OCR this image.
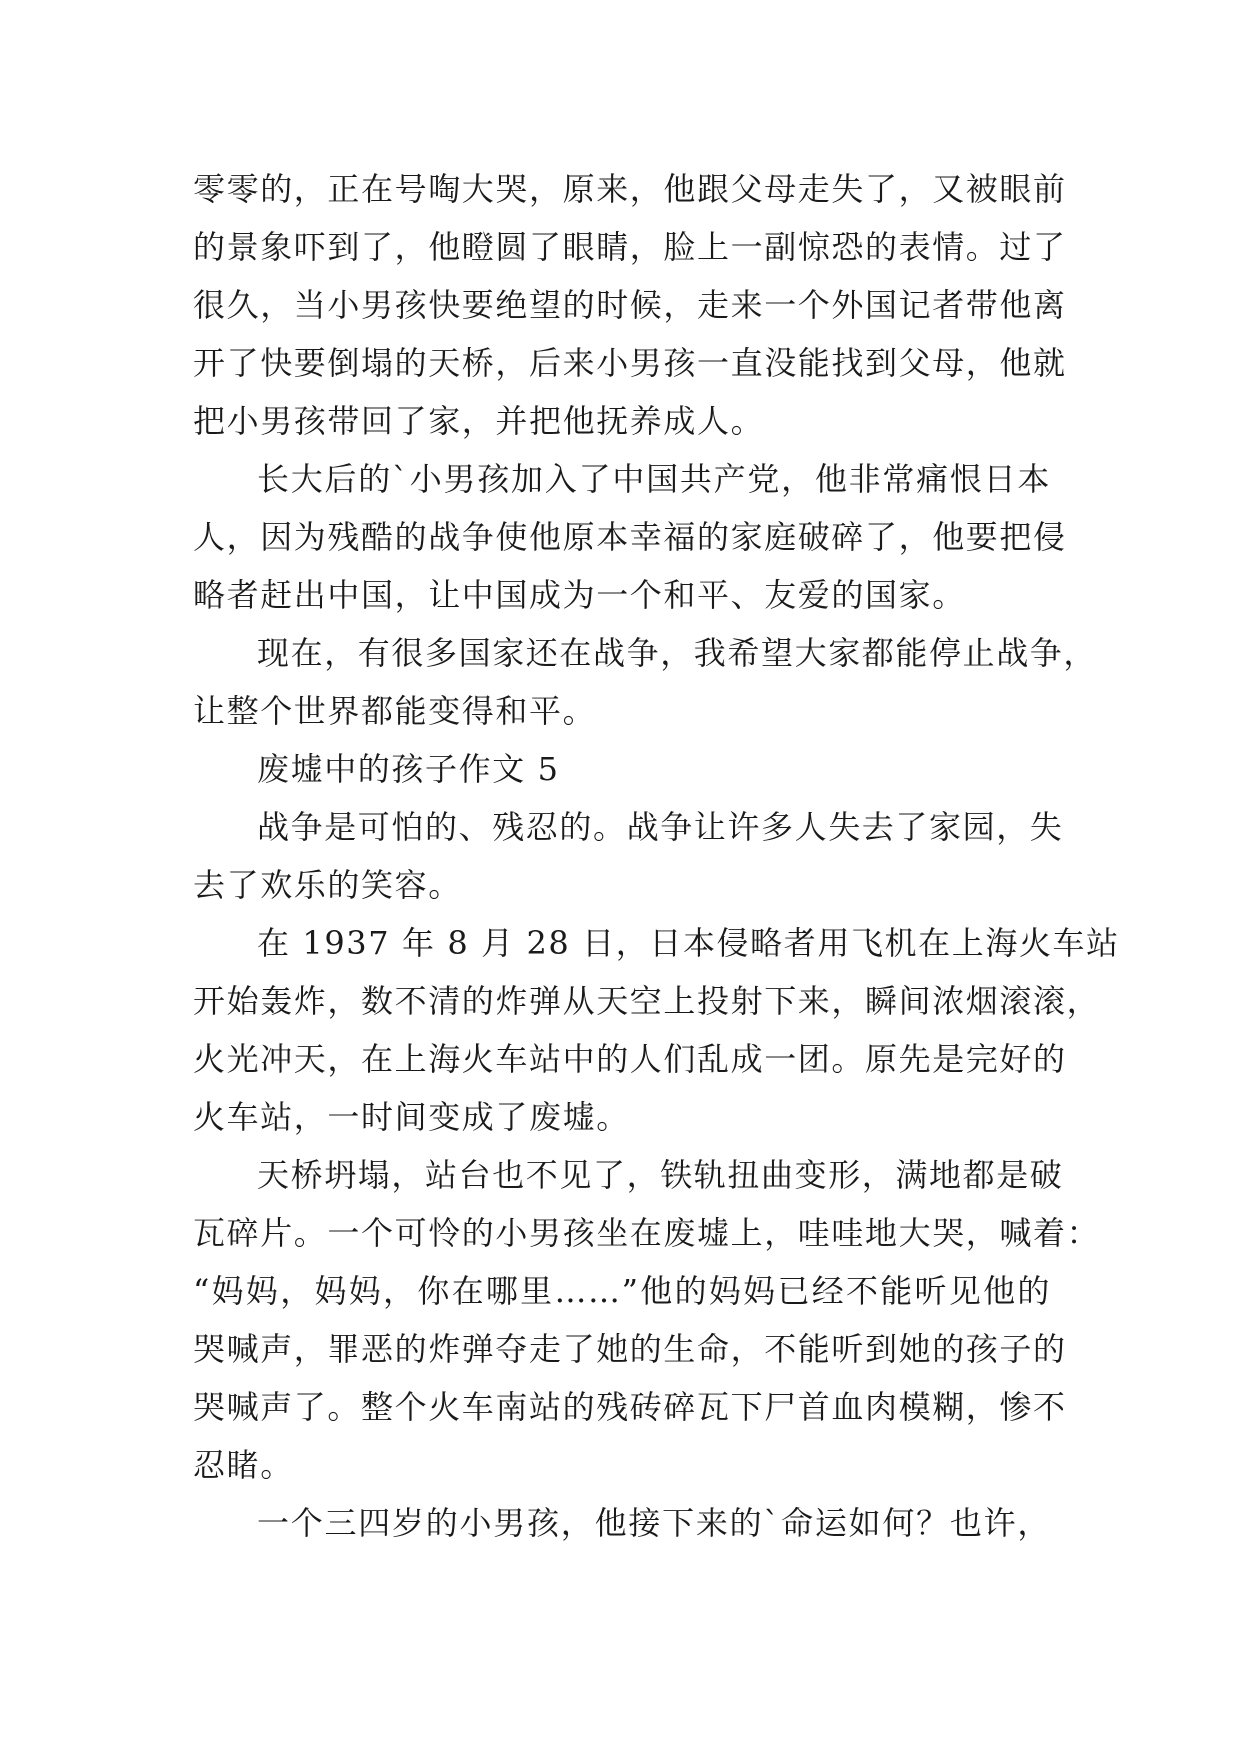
零零的，正在号啕大哭，原来，他跟父母走失了，又被眼前
的景象吓到了，他瞪圆了眼睛，脸上一副惊恐的表情。过了
很久，当小男孩快要绝望的时候，走来一个外国记者带他离
开了快要倒塌的天桥，后来小男孩一直没能找到父母，他就
把小男孩带回了家，并把他抚养成人。
长大后的`小男孩加入了中国共产党，他非常痛恨日本
人，因为残酷的战争使他原本幸福的家庭破碎了，他要把侵
略者赶出中国，让中国成为一个和平、友爱的国家。
现在，有很多国家还在战争，我希望大家都能停止战争，
让整个世界都能变得和平。
废墟中的孩子作文 5
战争是可怕的、残忍的。战争让许多人失去了家园，失
去了欢乐的笑容。
在 1937 年 8 月 28 日，日本侵略者用飞机在上海火车站
开始轰炸，数不清的炸弹从天空上投射下来，瞬间浓烟滚滚，
火光冲天，在上海火车站中的人们乱成一团。原先是完好的
火车站，一时间变成了废墟。
天桥坍塌，站台也不见了，铁轨扭曲变形，满地都是破
瓦碎片。一个可怜的小男孩坐在废墟上，哇哇地大哭，喊着：
“妈妈，妈妈，你在哪里……”他的妈妈已经不能听见他的
哭喊声，罪恶的炸弹夺走了她的生命，不能听到她的孩子的
哭喊声了。整个火车南站的残砖碎瓦下尸首血肉模糊，惨不
忍睹。
一个三四岁的小男孩，他接下来的`命运如何？也许，
